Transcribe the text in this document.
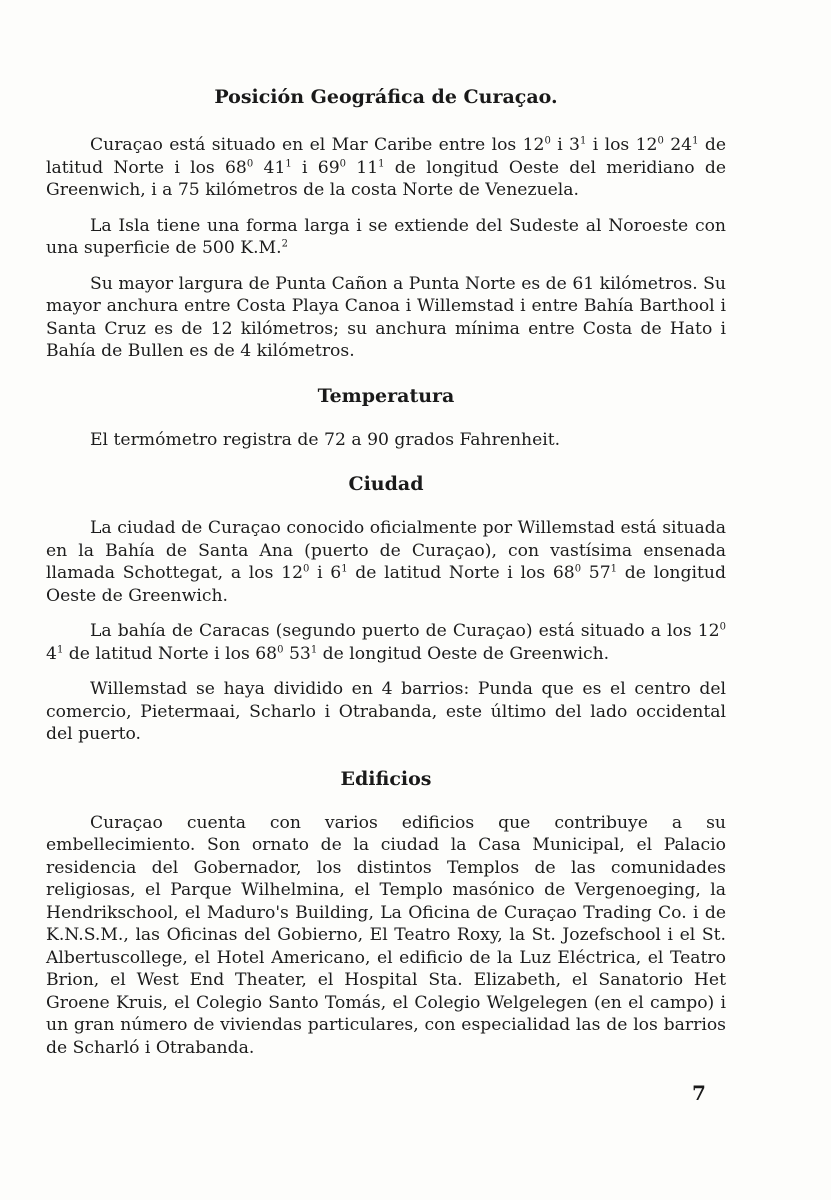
Posición Geográfica de Curaçao.

Curaçao está situado en el Mar Caribe entre los $12^0$ i $3^1$ i los $12^0$ $24^1$ de latitud Norte i los $68^0$ $41^1$ i $69^0$ $11^1$ de longitud Oeste del meridiano de Greenwich, i a 75 kilómetros de la costa Norte de Venezuela.

La Isla tiene una forma larga i se extiende del Sudeste al Noroeste con una superficie de 500 K.M.$^2$

Su mayor largura de Punta Cañon a Punta Norte es de 61 kilómetros. Su mayor anchura entre Costa Playa Canoa i Willemstad i entre Bahía Barthool i Santa Cruz es de 12 kilómetros; su anchura mínima entre Costa de Hato i Bahía de Bullen es de 4 kilómetros.

Temperatura

El termómetro registra de 72 a 90 grados Fahrenheit.

Ciudad

La ciudad de Curaçao conocido oficialmente por Willemstad está situada en la Bahía de Santa Ana (puerto de Curaçao), con vastísima ensenada llamada Schottegat, a los $12^0$ i $6^1$ de latitud Norte i los $68^0$ $57^1$ de longitud Oeste de Greenwich.

La bahía de Caracas (segundo puerto de Curaçao) está situado a los $12^0$ $4^1$ de latitud Norte i los $68^0$ $53^1$ de longitud Oeste de Greenwich.

Willemstad se haya dividido en 4 barrios: Punda que es el centro del comercio, Pietermaai, Scharlo i Otrabanda, este último del lado occidental del puerto.

Edificios

Curaçao cuenta con varios edificios que contribuye a su embellecimiento. Son ornato de la ciudad la Casa Municipal, el Palacio residencia del Gobernador, los distintos Templos de las comunidades religiosas, el Parque Wilhelmina, el Templo masónico de Vergenoeging, la Hendrikschool, el Maduro's Building, La Oficina de Curaçao Trading Co. i de K.N.S.M., las Oficinas del Gobierno, El Teatro Roxy, la St. Jozefschool i el St. Albertuscollege, el Hotel Americano, el edificio de la Luz Eléctrica, el Teatro Brion, el West End Theater, el Hospital Sta. Elizabeth, el Sanatorio Het Groene Kruis, el Colegio Santo Tomás, el Colegio Welgelegen (en el campo) i un gran número de viviendas particulares, con especialidad las de los barrios de Scharló i Otrabanda.

7
